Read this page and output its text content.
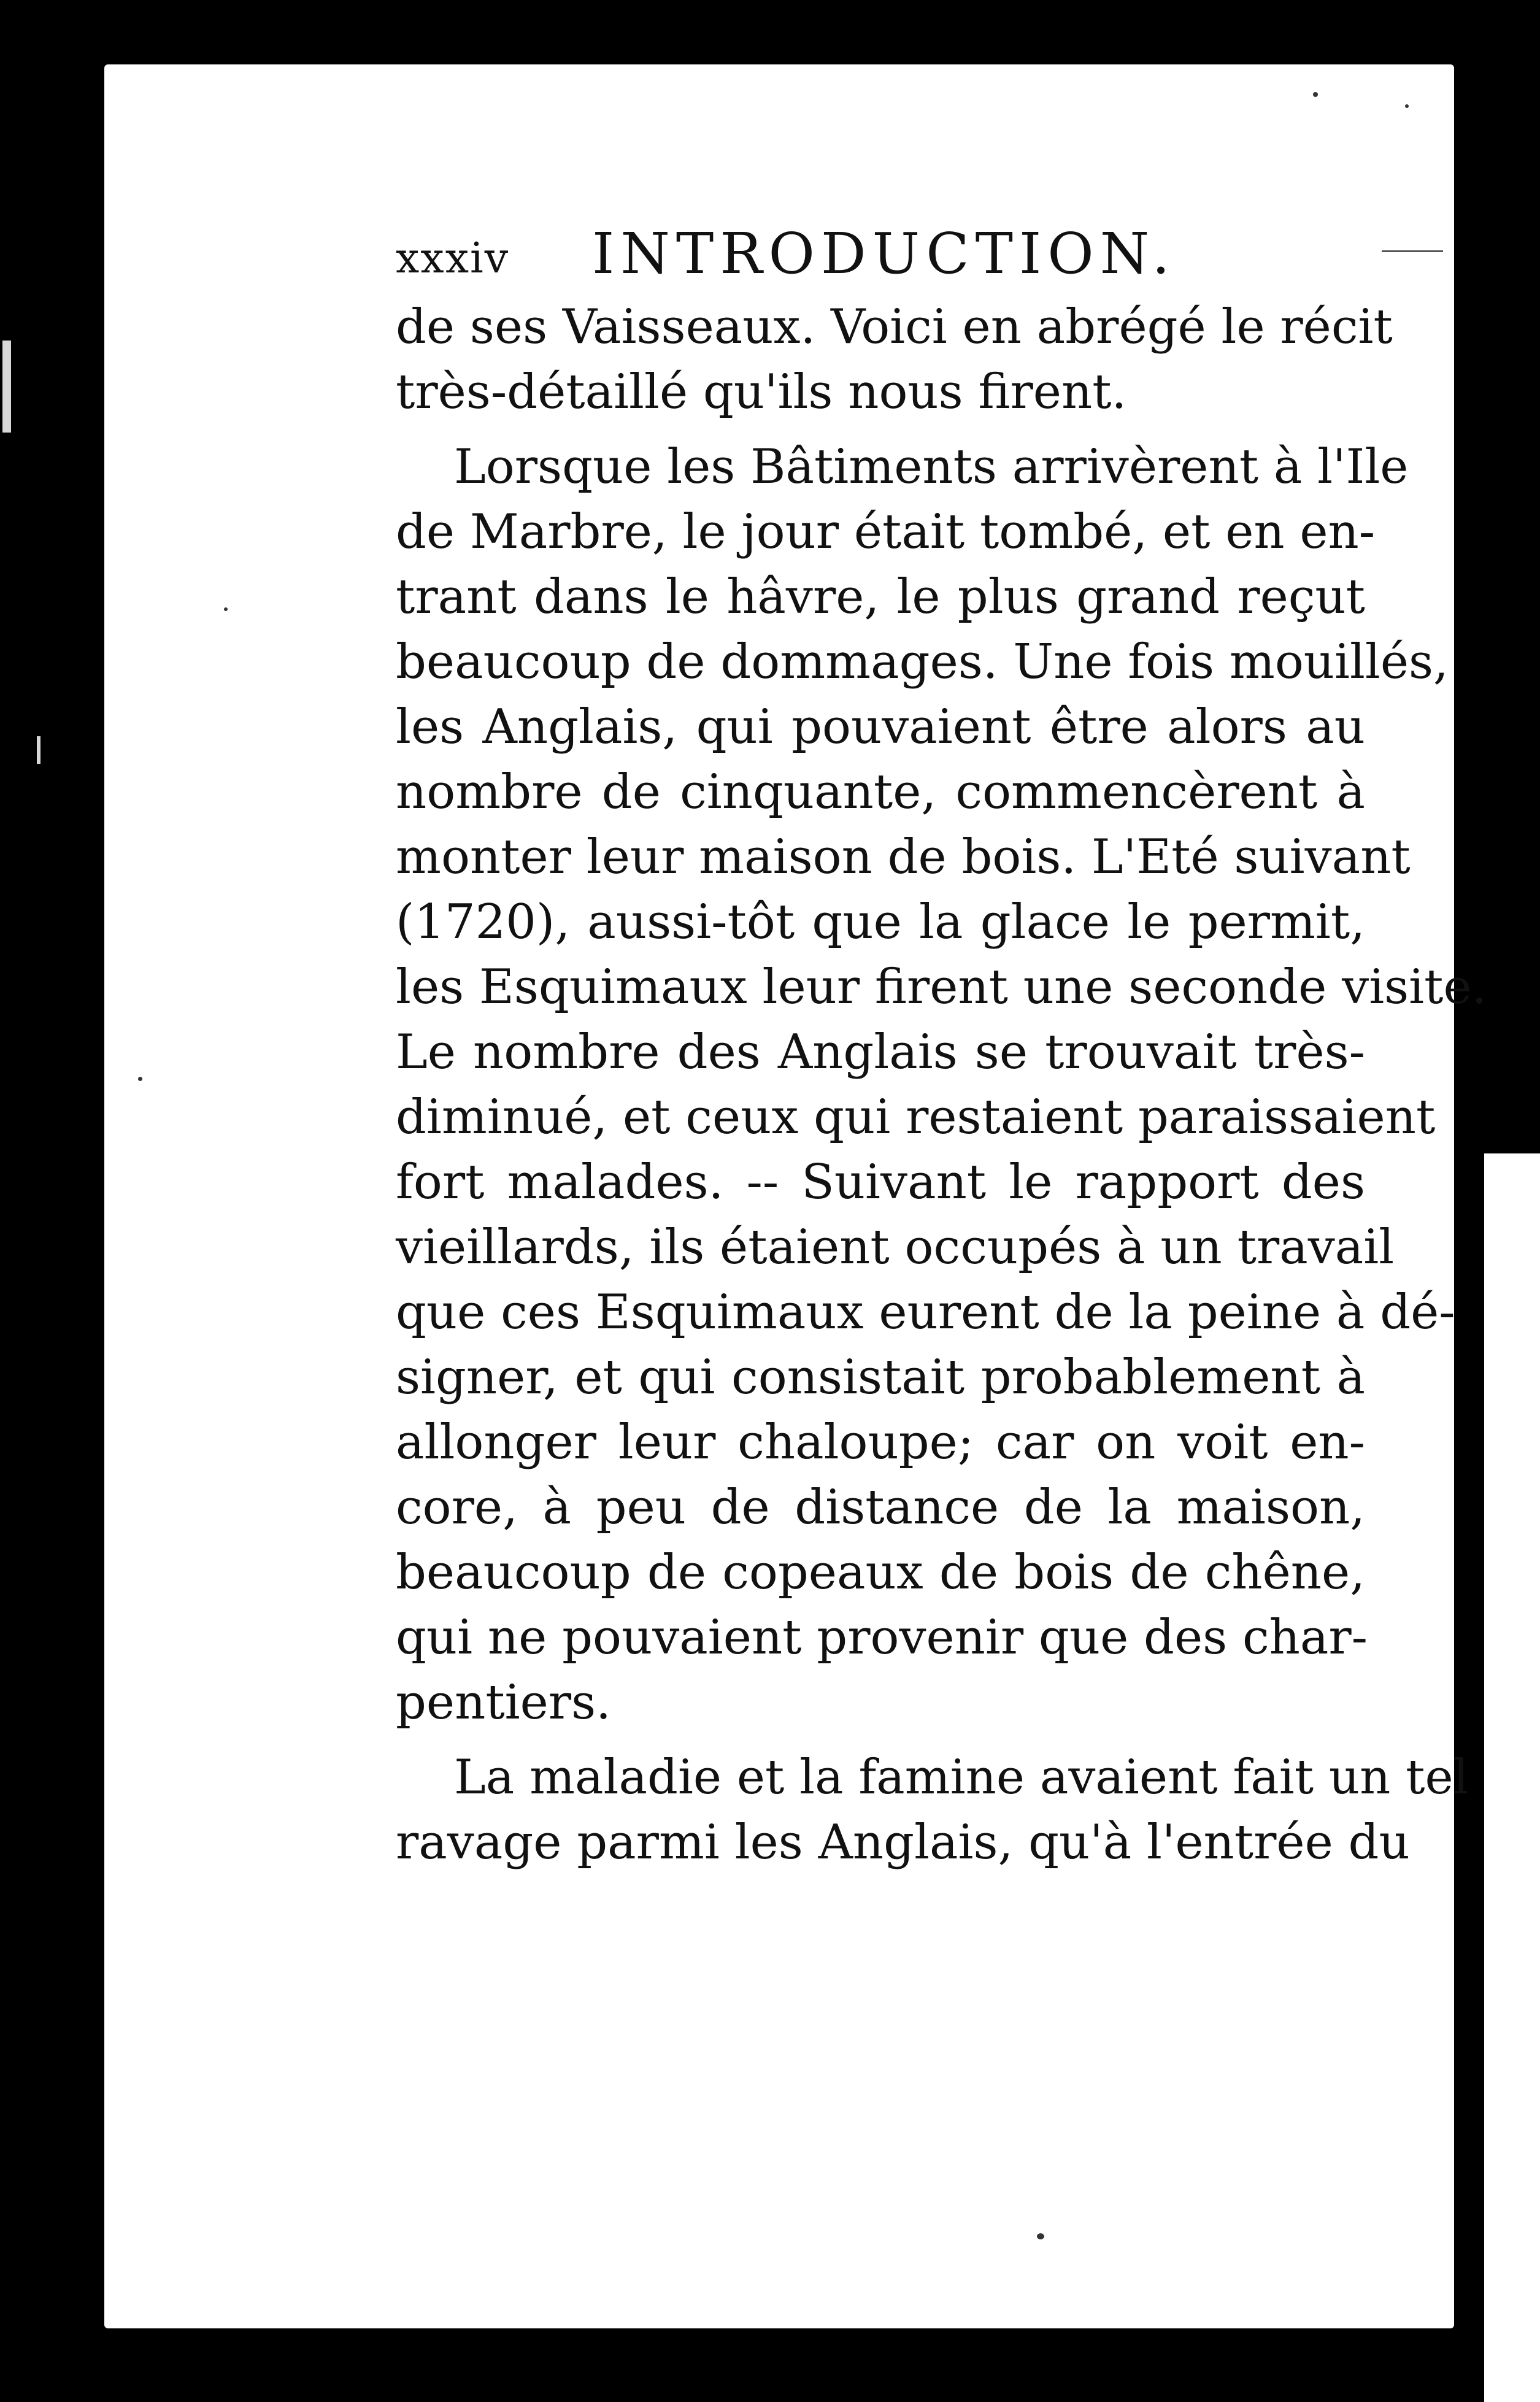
xxxiv INTRODUCTION.
de ses Vaisseaux. Voici en abrégé le récit
très-détaillé qu'ils nous firent.
Lorsque les Bâtiments arrivèrent à l'Ile
de Marbre, le jour était tombé, et en en-
trant dans le hâvre, le plus grand reçut
beaucoup de dommages. Une fois mouillés,
les Anglais, qui pouvaient être alors au
nombre de cinquante, commencèrent à
monter leur maison de bois. L'Eté suivant
(1720), aussi-tôt que la glace le permit,
les Esquimaux leur firent une seconde visite.
Le nombre des Anglais se trouvait très-
diminué, et ceux qui restaient paraissaient
fort malades. -- Suivant le rapport des
vieillards, ils étaient occupés à un travail
que ces Esquimaux eurent de la peine à dé-
signer, et qui consistait probablement à
allonger leur chaloupe; car on voit en-
core, à peu de distance de la maison,
beaucoup de copeaux de bois de chêne,
qui ne pouvaient provenir que des char-
pentiers.
La maladie et la famine avaient fait un tel
ravage parmi les Anglais, qu'à l'entrée du
